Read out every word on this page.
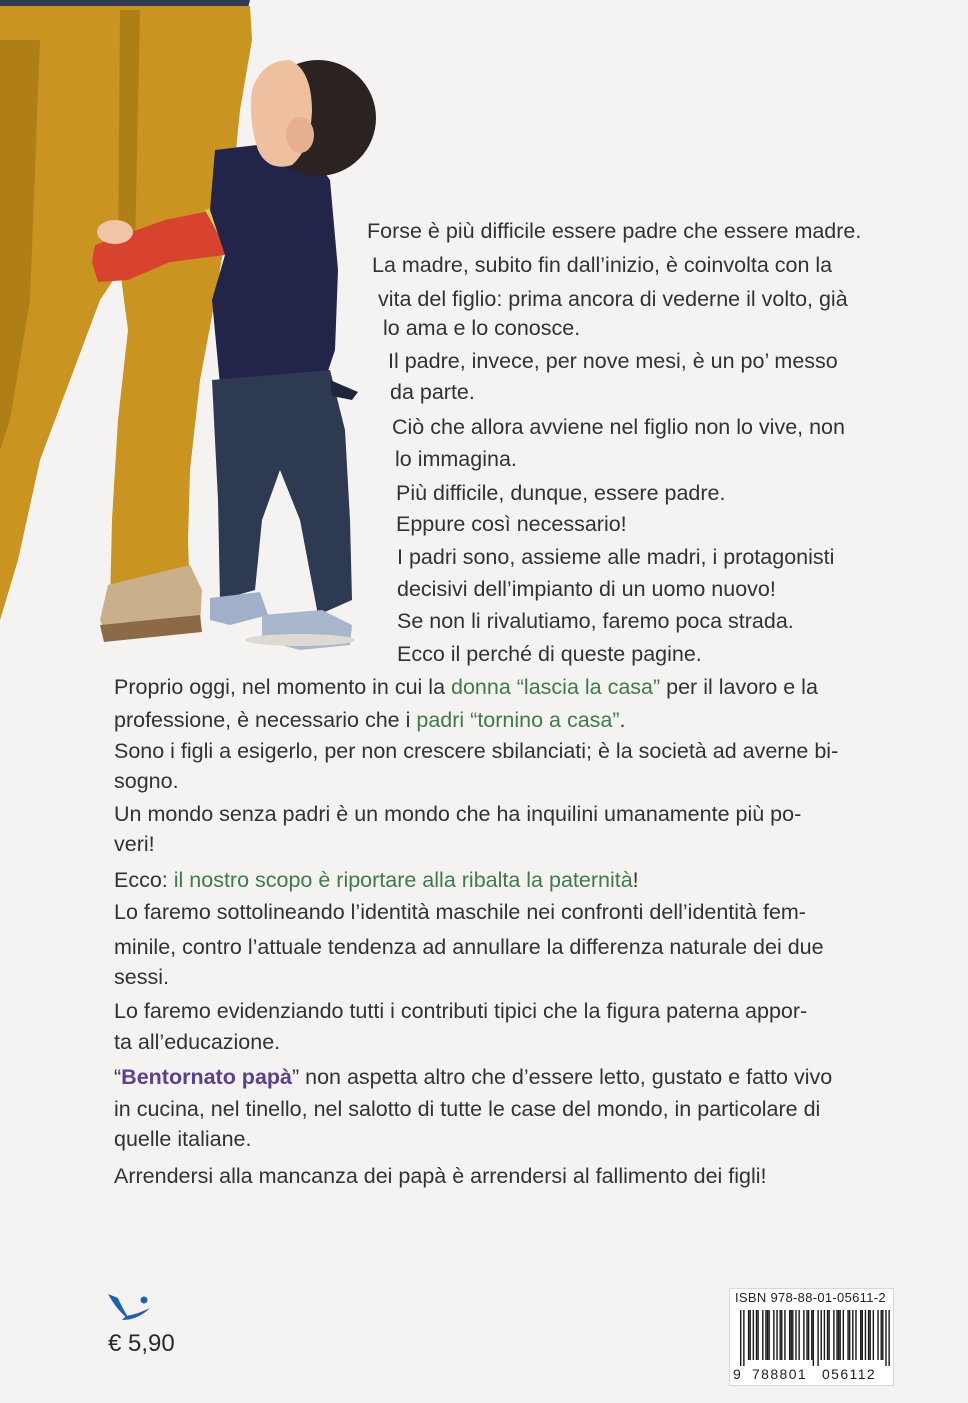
Forse è più difficile essere padre che essere madre.

La madre, subito fin dall’inizio, è coinvolta con la

vita del figlio: prima ancora di vederne il volto, già

lo ama e lo conosce.

Il padre, invece, per nove mesi, è un po’ messo

da parte.

Ciò che allora avviene nel figlio non lo vive, non

lo immagina.

Più difficile, dunque, essere padre.

Eppure così necessario!

I padri sono, assieme alle madri, i protagonisti

decisivi dell’impianto di un uomo nuovo!

Se non li rivalutiamo, faremo poca strada.

Ecco il perché di queste pagine.

Proprio oggi, nel momento in cui la donna “lascia la casa” per il lavoro e la

professione, è necessario che i padri “tornino a casa”.

Sono i figli a esigerlo, per non crescere sbilanciati; è la società ad averne bi-

sogno.

Un mondo senza padri è un mondo che ha inquilini umanamente più po-

veri!

Ecco: il nostro scopo è riportare alla ribalta la paternità!

Lo faremo sottolineando l’identità maschile nei confronti dell’identità fem-

minile, contro l’attuale tendenza ad annullare la differenza naturale dei due

sessi.

Lo faremo evidenziando tutti i contributi tipici che la figura paterna appor-

ta all’educazione.

“Bentornato papà” non aspetta altro che d’essere letto, gustato e fatto vivo

in cucina, nel tinello, nel salotto di tutte le case del mondo, in particolare di

quelle italiane.

Arrendersi alla mancanza dei papà è arrendersi al fallimento dei figli!

€ 5,90

ISBN 978-88-01-05611-2

9 788801 056112
